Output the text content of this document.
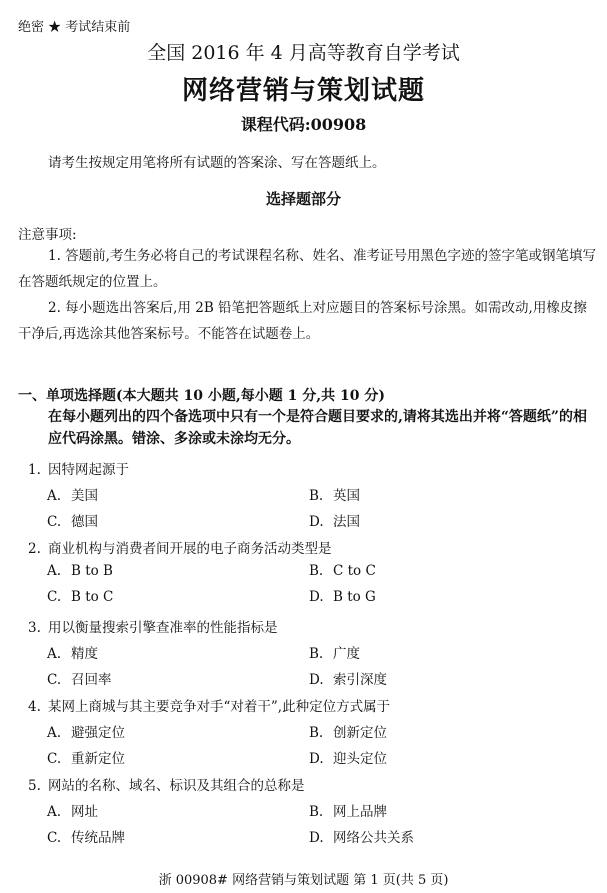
绝密 ★ 考试结束前
全国 2016 年 4 月高等教育自学考试
网络营销与策划试题
课程代码:00908
请考生按规定用笔将所有试题的答案涂、写在答题纸上。
选择题部分
注意事项:
1. 答题前,考生务必将自己的考试课程名称、姓名、准考证号用黑色字迹的签字笔或钢笔填写在答题纸规定的位置上。
2. 每小题选出答案后,用 2B 铅笔把答题纸上对应题目的答案标号涂黑。如需改动,用橡皮擦干净后,再选涂其他答案标号。不能答在试题卷上。
一、单项选择题(本大题共 10 小题,每小题 1 分,共 10 分)
在每小题列出的四个备选项中只有一个是符合题目要求的,请将其选出并将“答题纸”的相应代码涂黑。错涂、多涂或未涂均无分。
1. 因特网起源于
A. 美国	B. 英国
C. 德国	D. 法国
2. 商业机构与消费者间开展的电子商务活动类型是
A. B to B	B. C to C
C. B to C	D. B to G
3. 用以衡量搜索引擎查准率的性能指标是
A. 精度	B. 广度
C. 召回率	D. 索引深度
4. 某网上商城与其主要竞争对手“对着干”,此种定位方式属于
A. 避强定位	B. 创新定位
C. 重新定位	D. 迎头定位
5. 网站的名称、域名、标识及其组合的总称是
A. 网址	B. 网上品牌
C. 传统品牌	D. 网络公共关系
浙 00908# 网络营销与策划试题 第 1 页(共 5 页)
